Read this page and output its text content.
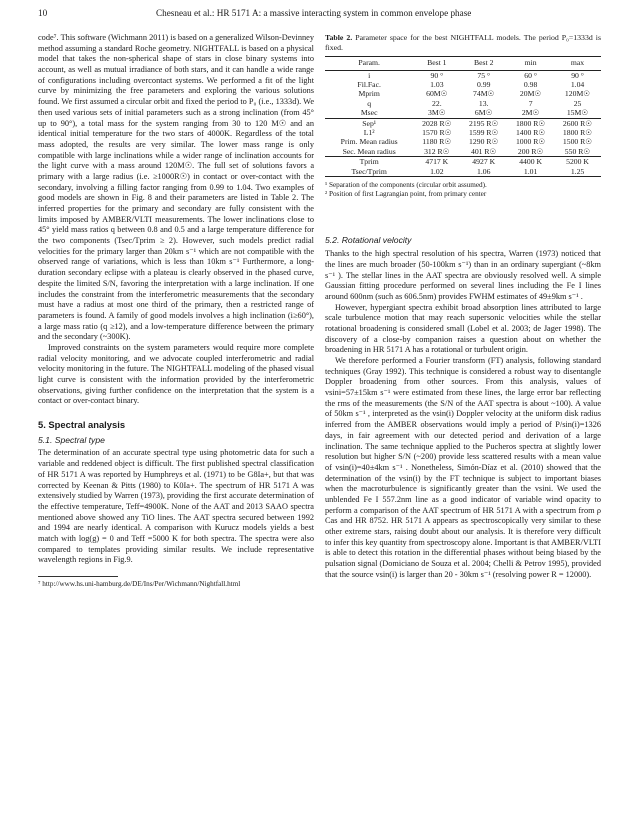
10	Chesneau et al.: HR 5171 A: a massive interacting system in common envelope phase

code⁷. This software (Wichmann 2011) is based on a generalized Wilson-Devinney method assuming a standard Roche geometry. NIGHTFALL is based on a physical model that takes the non-spherical shape of stars in close binary systems into account, as well as mutual irradiance of both stars, and it can handle a wide range of configurations including overcontact systems. We performed a fit of the light curve by minimizing the free parameters and exploring the various solutions found. We first assumed a circular orbit and fixed the period to P₀ (i.e., 1333d). We then used various sets of initial parameters such as a strong inclination (from 45° up to 90°), a total mass for the system ranging from 30 to 120 M☉ and an identical initial temperature for the two stars of 4000K. Regardless of the total mass adopted, the results are very similar. The lower mass range is only compatible with large inclinations while a wider range of inclination accounts for the light curve with a mass around 120M☉. The full set of solutions favors a primary with a large radius (i.e. ≥1000R☉) in contact or over-contact with the secondary, involving a filling factor ranging from 0.99 to 1.04. Two examples of good models are shown in Fig. 8 and their parameters are listed in Table 2. The inferred properties for the primary and secondary are fully consistent with the limits imposed by AMBER/VLTI measurements. The lower inclinations close to 45° yield mass ratios q between 0.8 and 0.5 and a large temperature difference for the two components (Tsec/Tprim ≥ 2). However, such models predict radial velocities for the primary larger than 20km s⁻¹ which are not compatible with the observed range of variations, which is less than 10km s⁻¹ Furthermore, a long-duration secondary eclipse with a plateau is clearly observed in the phased curve, despite the limited S/N, favoring the interpretation with a large inclination. If one includes the constraint from the interferometric measurements that the secondary must have a radius at most one third of the primary, then a restricted range of parameters is found. A family of good models involves a high inclination (i≥60°), a large mass ratio (q ≥12), and a low-temperature difference between the primary and the secondary (~300K).

Improved constraints on the system parameters would require more complete radial velocity monitoring, and we advocate coupled interferometric and radial velocity monitoring in the future. The NIGHTFALL modeling of the phased visual light curve is consistent with the information provided by the interferometric observations, giving further confidence on the interpretation that the system is a contact or over-contact binary.

5. Spectral analysis
5.1. Spectral type

The determination of an accurate spectral type using photometric data for such a variable and reddened object is difficult. The first published spectral classification of HR 5171 A was reported by Humphreys et al. (1971) to be G8Ia+, but that was corrected by Keenan & Pitts (1980) to K0Ia+. The spectrum of HR 5171 A was extensively studied by Warren (1973), providing the first accurate determination of the effective temperature, Teff=4900K. None of the AAT and 2013 SAAO spectra mentioned above showed any TiO lines. The AAT spectra secured between 1992 and 1994 are nearly identical. A comparison with Kurucz models yields a best match with log(g) = 0 and Teff =5000 K for both spectra. The spectra were also compared to templates providing similar results. We include representative wavelength regions in Fig.9.

⁷ http://www.hs.uni-hamburg.de/DE/Ins/Per/Wichmann/Nightfall.html

Table 2. Parameter space for the best NIGHTFALL models. The period P₀=1333d is fixed.
Param.	Best 1	Best 2	min	max
i	90 °	75 °	60 °	90 °
Fil.Fac.	1.03	0.99	0.98	1.04
Mprim	60M☉	74M☉	20M☉	120M☉
q	22.	13.	7	25
Msec	3M☉	6M☉	2M☉	15M☉
Sep¹	2028 R☉	2195 R☉	1800 R☉	2600 R☉
L1²	1570 R☉	1599 R☉	1400 R☉	1800 R☉
Prim. Mean radius	1180 R☉	1290 R☉	1000 R☉	1500 R☉
Sec. Mean radius	312 R☉	401 R☉	200 R☉	550 R☉
Tprim	4717 K	4927 K	4400 K	5200 K
Tsec/Tprim	1.02	1.06	1.01	1.25

¹ Separation of the components (circular orbit assumed).

² Position of first Lagrangian point, from primary center

5.2. Rotational velocity

Thanks to the high spectral resolution of his spectra, Warren (1973) noticed that the lines are much broader (50-100km s⁻¹) than in an ordinary supergiant (~8km s⁻¹ ). The stellar lines in the AAT spectra are obviously resolved well. A simple Gaussian fitting procedure performed on several lines including the Fe I lines around 600nm (such as 606.5nm) provides FWHM estimates of 49±9km s⁻¹ .

However, hypergiant spectra exhibit broad absorption lines attributed to large scale turbulence motion that may reach supersonic velocities while the stellar rotational broadening is considered small (Lobel et al. 2003; de Jager 1998). The discovery of a close-by companion raises a question about on whether the broadening in HR 5171 A has a rotational or turbulent origin.

We therefore performed a Fourier transform (FT) analysis, following standard techniques (Gray 1992). This technique is considered a robust way to disentangle Doppler broadening from other sources. From this analysis, values of vsini=57±15km s⁻¹ were estimated from these lines, the large error bar reflecting the rms of the measurements (the S/N of the AAT spectra is about ~100). A value of 50km s⁻¹ , interpreted as the vsin(i) Doppler velocity at the uniform disk radius inferred from the AMBER observations would imply a period of P/sin(i)=1326 days, in fair agreement with our detected period and derivation of a large inclination. The same technique applied to the Pucheros spectra at slightly lower resolution but higher S/N (~200) provide less scattered results with a mean value of vsin(i)=40±4km s⁻¹ . Nonetheless, Simón-Díaz et al. (2010) showed that the determination of the vsin(i) by the FT technique is subject to important biases when the macroturbulence is significantly greater than the vsini. We used the unblended Fe I 557.2nm line as a good indicator of variable wind opacity to perform a comparison of the AAT spectrum of HR 5171 A with a spectrum from ρ Cas and HR 8752. HR 5171 A appears as spectroscopically very similar to these other extreme stars, raising doubt about our analysis. It is therefore very difficult to infer this key quantity from spectroscopy alone. Important is that AMBER/VLTI is able to detect this rotation in the differential phases without being biased by the pulsation signal (Domiciano de Souza et al. 2004; Chelli & Petrov 1995), provided that the source vsin(i) is larger than 20 - 30km s⁻¹ (resolving power R = 12000).
